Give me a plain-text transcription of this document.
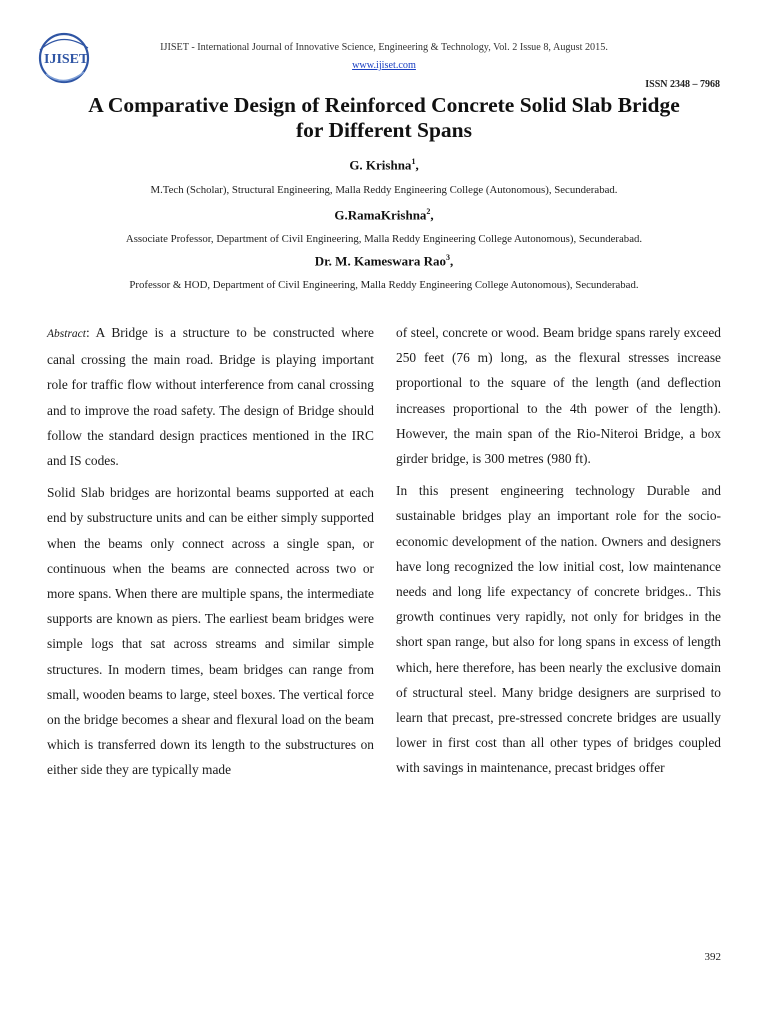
IJISET
IJISET - International Journal of Innovative Science, Engineering & Technology, Vol. 2 Issue 8, August 2015.
www.ijiset.com
ISSN 2348 – 7968
A Comparative Design of Reinforced Concrete Solid Slab Bridge
for Different Spans
G. Krishna$^1$,
M.Tech (Scholar), Structural Engineering, Malla Reddy Engineering College (Autonomous), Secunderabad.
G.RamaKrishna$^2$,
Associate Professor, Department of Civil Engineering, Malla Reddy Engineering College Autonomous), Secunderabad.
Dr. M. Kameswara Rao$^3$,
Professor & HOD, Department of Civil Engineering, Malla Reddy Engineering College Autonomous), Secunderabad.

Abstract: A Bridge is a structure to be constructed where canal crossing the main road. Bridge is playing important role for traffic flow without interference from canal crossing and to improve the road safety. The design of Bridge should follow the standard design practices mentioned in the IRC and IS codes.

Solid Slab bridges are horizontal beams supported at each end by substructure units and can be either simply supported when the beams only connect across a single span, or continuous when the beams are connected across two or more spans. When there are multiple spans, the intermediate supports are known as piers. The earliest beam bridges were simple logs that sat across streams and similar simple structures. In modern times, beam bridges can range from small, wooden beams to large, steel boxes. The vertical force on the bridge becomes a shear and flexural load on the beam which is transferred down its length to the substructures on either side they are typically made

of steel, concrete or wood. Beam bridge spans rarely exceed 250 feet (76 m) long, as the flexural stresses increase proportional to the square of the length (and deflection increases proportional to the 4th power of the length). However, the main span of the Rio-Niteroi Bridge, a box girder bridge, is 300 metres (980 ft).

In this present engineering technology Durable and sustainable bridges play an important role for the socio-economic development of the nation. Owners and designers have long recognized the low initial cost, low maintenance needs and long life expectancy of concrete bridges.. This growth continues very rapidly, not only for bridges in the short span range, but also for long spans in excess of length which, here therefore, has been nearly the exclusive domain of structural steel. Many bridge designers are surprised to learn that precast, pre-stressed concrete bridges are usually lower in first cost than all other types of bridges coupled with savings in maintenance, precast bridges offer

392
